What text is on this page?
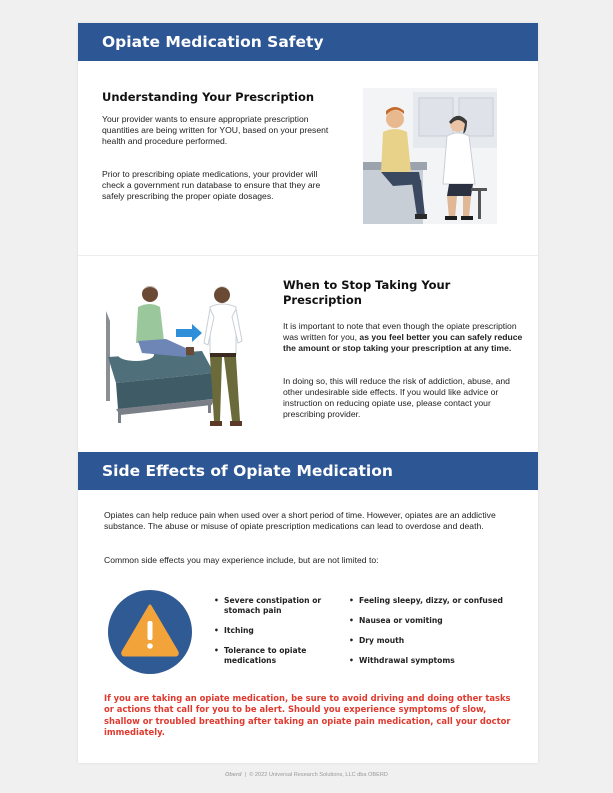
Opiate Medication Safety
Understanding Your Prescription
Your provider wants to ensure appropriate prescription quantities are being written for YOU, based on your present health and procedure performed.
Prior to prescribing opiate medications, your provider will check a government run database to ensure that they are safely prescribing the proper opiate dosages.
When to Stop Taking Your Prescription
It is important to note that even though the opiate prescription was written for you, as you feel better you can safely reduce the amount or stop taking your prescription at any time.
In doing so, this will reduce the risk of addiction, abuse, and other undesirable side effects. If you would like advice or instruction on reducing opiate use, please contact your prescribing provider.
Side Effects of Opiate Medication
Opiates can help reduce pain when used over a short period of time. However, opiates are an addictive substance. The abuse or misuse of opiate prescription medications can lead to overdose and death.
Common side effects you may experience include, but are not limited to:
• Severe constipation or stomach pain
• Itching
• Tolerance to opiate medications
• Feeling sleepy, dizzy, or confused
• Nausea or vomiting
• Dry mouth
• Withdrawal symptoms
If you are taking an opiate medication, be sure to avoid driving and doing other tasks or actions that call for you to be alert. Should you experience symptoms of slow, shallow or troubled breathing after taking an opiate pain medication, call your doctor immediately.
Oberd  |  © 2022 Universal Research Solutions, LLC dba OBERD
